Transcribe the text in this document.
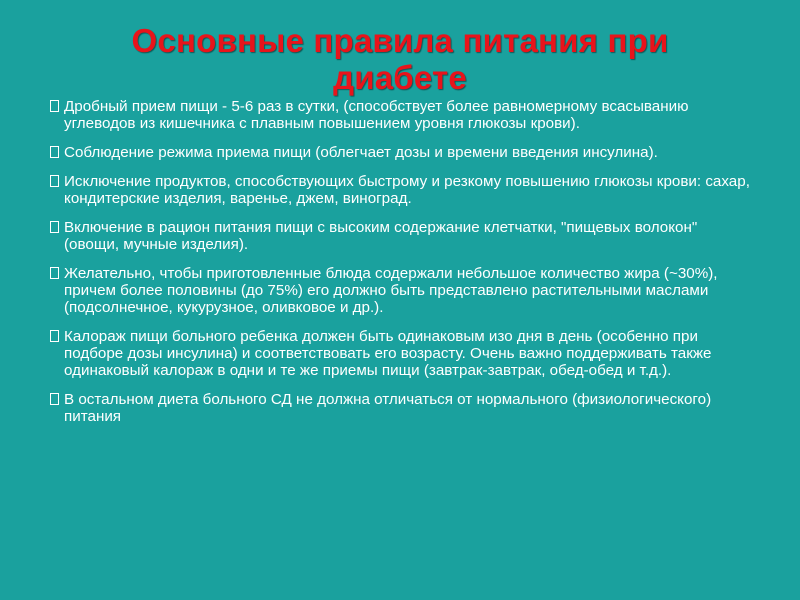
Основные правила питания при диабете
Дробный прием пищи - 5-6 раз в сутки, (способствует более равномерному всасыванию углеводов из кишечника с плавным повышением уровня глюкозы крови).
Соблюдение режима приема пищи (облегчает дозы и времени введения инсулина).
Исключение продуктов, способствующих быстрому и резкому повышению глюкозы крови: сахар, кондитерские изделия, варенье, джем, виноград.
Включение в рацион питания пищи с высоким содержание клетчатки, "пищевых волокон" (овощи, мучные изделия).
Желательно, чтобы приготовленные блюда содержали небольшое количество жира (~30%), причем более половины (до 75%) его должно быть представлено растительными маслами (подсолнечное, кукурузное, оливковое и др.).
Калораж пищи больного ребенка должен быть одинаковым изо дня в день (особенно при подборе дозы инсулина) и соответствовать его возрасту. Очень важно поддерживать также одинаковый калораж в одни и те же приемы пищи (завтрак-завтрак, обед-обед и т.д.).
В остальном диета больного СД не должна отличаться от нормального (физиологического) питания
